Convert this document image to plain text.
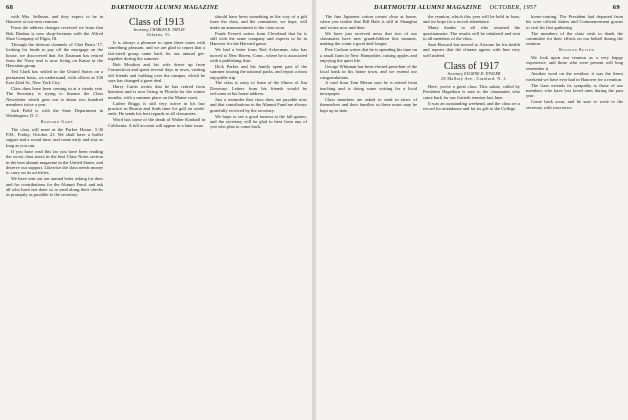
68	DARTMOUTH ALUMNI MAGAZINE

with Mrs. Sellman, and they expect to be in Hanover at our next reunion.

From the address changes received we learn that Bob Dunbar is now shop-foreman with the Alfred Shoe Company of Elgin, Ill.

Through the devious channels of Chet Berra '17, looking for funds to pay off the mortgage on the house, we discovered that Art Eastman has retired from the Navy and is now living on Kauai in the Hawaiian group.

Ted Clark has settled in the United States on a permanent basis, we understand, with offices at 330 East 42nd St., New York City.

Class dues have been coming in at a steady rate. The Secretary is trying to finance the Class Newsletter which goes out to about two hundred members twice a year.

Jack Field is with the State Department in Washington, D. C.

Harvard Game

The class will meet at the Parker House, 5:30 P.M., Friday, October 21. We shall have a buffet supper and a social time, and come early and stay as long as you can.

If you have read this far you have been reading the worst class notes in the best Class Notes section in the best alumni magazine in the United States, and deserve our support. Likewise the class needs money to carry on its activities.

We have sent out our annual letter asking for dues and for contributions for the Alumni Fund, and ask all who have not done so to send along their checks as promptly as possible to the secretary.

Class of 1913

Secretary, CHARLES R. TAPLIN

Orleans, Vt.

It is always a pleasure to open these notes with something pleasant, and we are glad to report that a fair-sized group came back for our annual get-together during the summer.

Bob Moulton and his wife drove up from Connecticut and spent several days in town, visiting old friends and walking over the campus, which he says has changed a great deal.

Harry Curtis writes that he has retired from business and is now living in Florida for the winter months, with a summer place on the Maine coast.

Luther Briggs is still very active in his law practice in Boston and finds time for golf on week-ends. He sends his best regards to all classmates.

Word has come of the death of Walter Kimball in California. A full account will appear in a later issue.

should have been something in the way of a gift from the class, and the committee, we hope, will make an announcement to the class soon.

Frank Everett writes from Cleveland that he is still with the same company and expects to be in Hanover for the Harvard game.

We had a letter from Ned Ackerman, who has moved to New Haven, Conn., where he is associated with a publishing firm.

Dick Parker and his family spent part of the summer touring the national parks, and report a most enjoyable trip.

The class is sorry to learn of the illness of Jim Donovan. Letters from his friends would be welcome at his home address.

Just a reminder that class dues are payable now and that contributions to the Alumni Fund are always gratefully received by the secretary.

We hope to see a good turnout at the fall games, and the secretary will be glad to hear from any of you who plan to come back.

DARTMOUTH ALUMNI MAGAZINE OCTOBER, 1957	69

The fine Japanese cotton comes close at home, when you realize that Bill Hale is still in Shanghai and writes now and then.

We have just received news that two of our classmates have new grandchildren this summer, making the count a good deal longer.

Pete Carlson writes that he is spending his time on a small farm in New Hampshire, raising apples and enjoying the quiet life.

George Whitman has been elected president of the local bank in his home town, and we extend our congratulations.

A card from Tom Moran says he is retired from teaching and is doing some writing for a local newspaper.

Class members are asked to send in news of themselves and their families so these notes may be kept up to date.

the reunion, which this year will be held in June, and we hope for a record attendance.

Many thanks to all who returned the questionnaire. The results will be tabulated and sent to all members of the class.

Sam Howard has moved to Arizona for his health and reports that the climate agrees with him very well indeed.

Class of 1917

Secretary, EUGENE D. TOWLER

28 Mallory Ave., Cranford, N. J.

Here, you're a great class. This salute, called by President Hagedorn is sent to the classmates who came back for our fortieth reunion last June.

It was an outstanding weekend, and the class set a record for attendance and for its gift to the College.

home-coming. The President had departed from his wise official duties and Commencement gowns to visit his first gathering.

The members of the class wish to thank the committee for their efforts on our behalf during the reunion.

Reunion Review

We look upon our reunion as a very happy experience, and those who were present will long remember it.

Another word on the weather: it was the finest weekend we have ever had in Hanover for a reunion.

The class extends its sympathy to those of our members who have lost loved ones during the past year.

Come back soon, and be sure to write to the secretary with your news.
